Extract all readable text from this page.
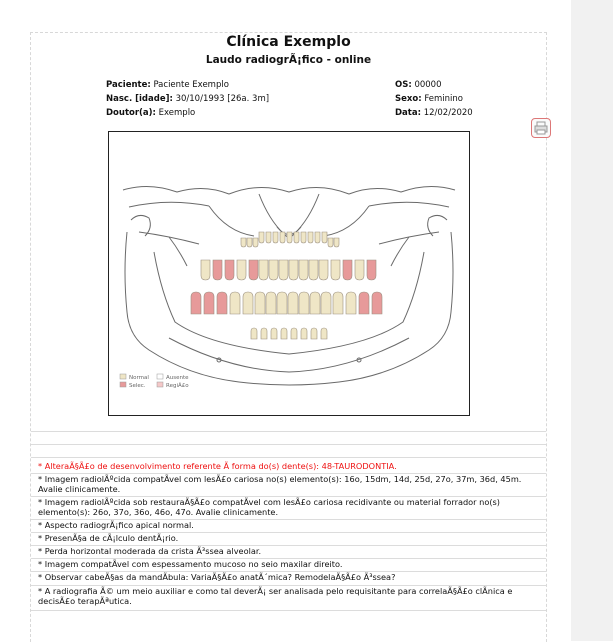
Clínica Exemplo
Laudo radiogrÃ¡fico - online
Paciente: Paciente Exemplo
Nasc. [idade]: 30/10/1993 [26a. 3m]
Doutor(a): Exemplo
OS: 00000
Sexo: Feminino
Data: 12/02/2020
Normal
Selec.
Ausente
RegiÃ£o
* AlteraÃ§Ã£o de desenvolvimento referente Ã forma do(s) dente(s): 48-TAURODONTIA.
* Imagem radiolÃºcida compatÃvel com lesÃ£o cariosa no(s) elemento(s): 16o, 15dm, 14d, 25d, 27o, 37m, 36d, 45m. Avalie clinicamente.
* Imagem radiolÃºcida sob restauraÃ§Ã£o compatÃvel com lesÃ£o cariosa recidivante ou material forrador no(s) elemento(s): 26o, 37o, 36o, 46o, 47o. Avalie clinicamente.
* Aspecto radiogrÃ¡fico apical normal.
* PresenÃ§a de cÃ¡lculo dentÃ¡rio.
* Perda horizontal moderada da crista Ã³ssea alveolar.
* Imagem compatÃvel com espessamento mucoso no seio maxilar direito.
* Observar cabeÃ§as da mandÃbula: VariaÃ§Ã£o anatÃ´mica? RemodelaÃ§Ã£o Ã³ssea?
* A radiografia Ã© um meio auxiliar e como tal deverÃ¡ ser analisada pelo requisitante para correlaÃ§Ã£o clÃnica e decisÃ£o terapÃªutica.
